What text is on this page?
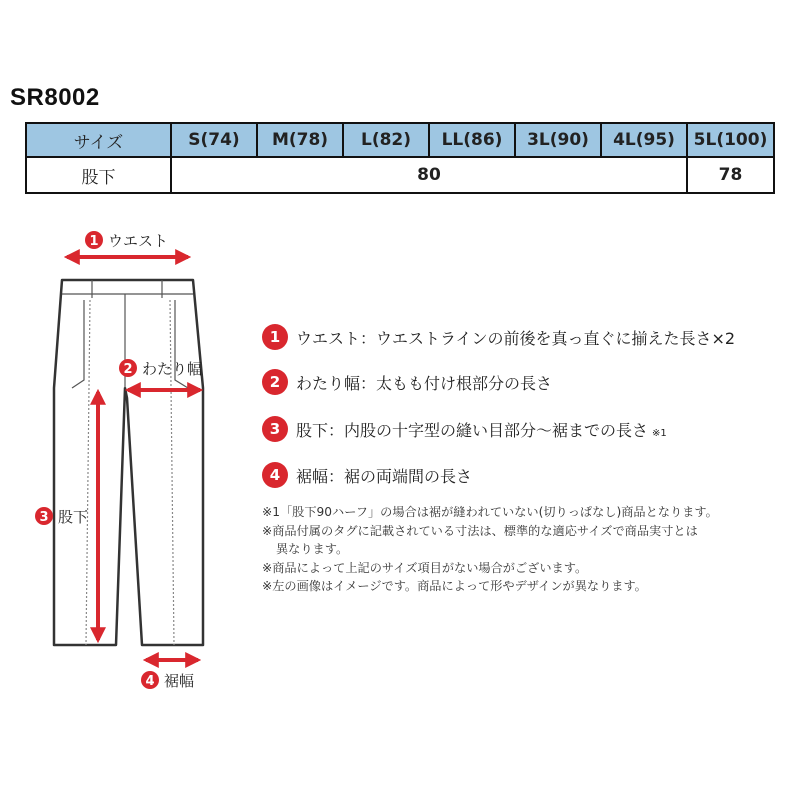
SR8002
サイズ	S(74)	M(78)	L(82)	LL(86)	3L(90)	4L(95)	5L(100)
股下	80						78
1 ウエスト
2 わたり幅
3 股下
4 裾幅
1 ウエスト：ウエストラインの前後を真っ直ぐに揃えた長さ×2
2 わたり幅：太もも付け根部分の長さ
3 股下：内股の十字型の縫い目部分〜裾までの長さ ※1
4 裾幅：裾の両端間の長さ
※1「股下90ハーフ」の場合は裾が縫われていない(切りっぱなし)商品となります。
※商品付属のタグに記載されている寸法は、標準的な適応サイズで商品実寸とは
異なります。
※商品によって上記のサイズ項目がない場合がございます。
※左の画像はイメージです。商品によって形やデザインが異なります。
